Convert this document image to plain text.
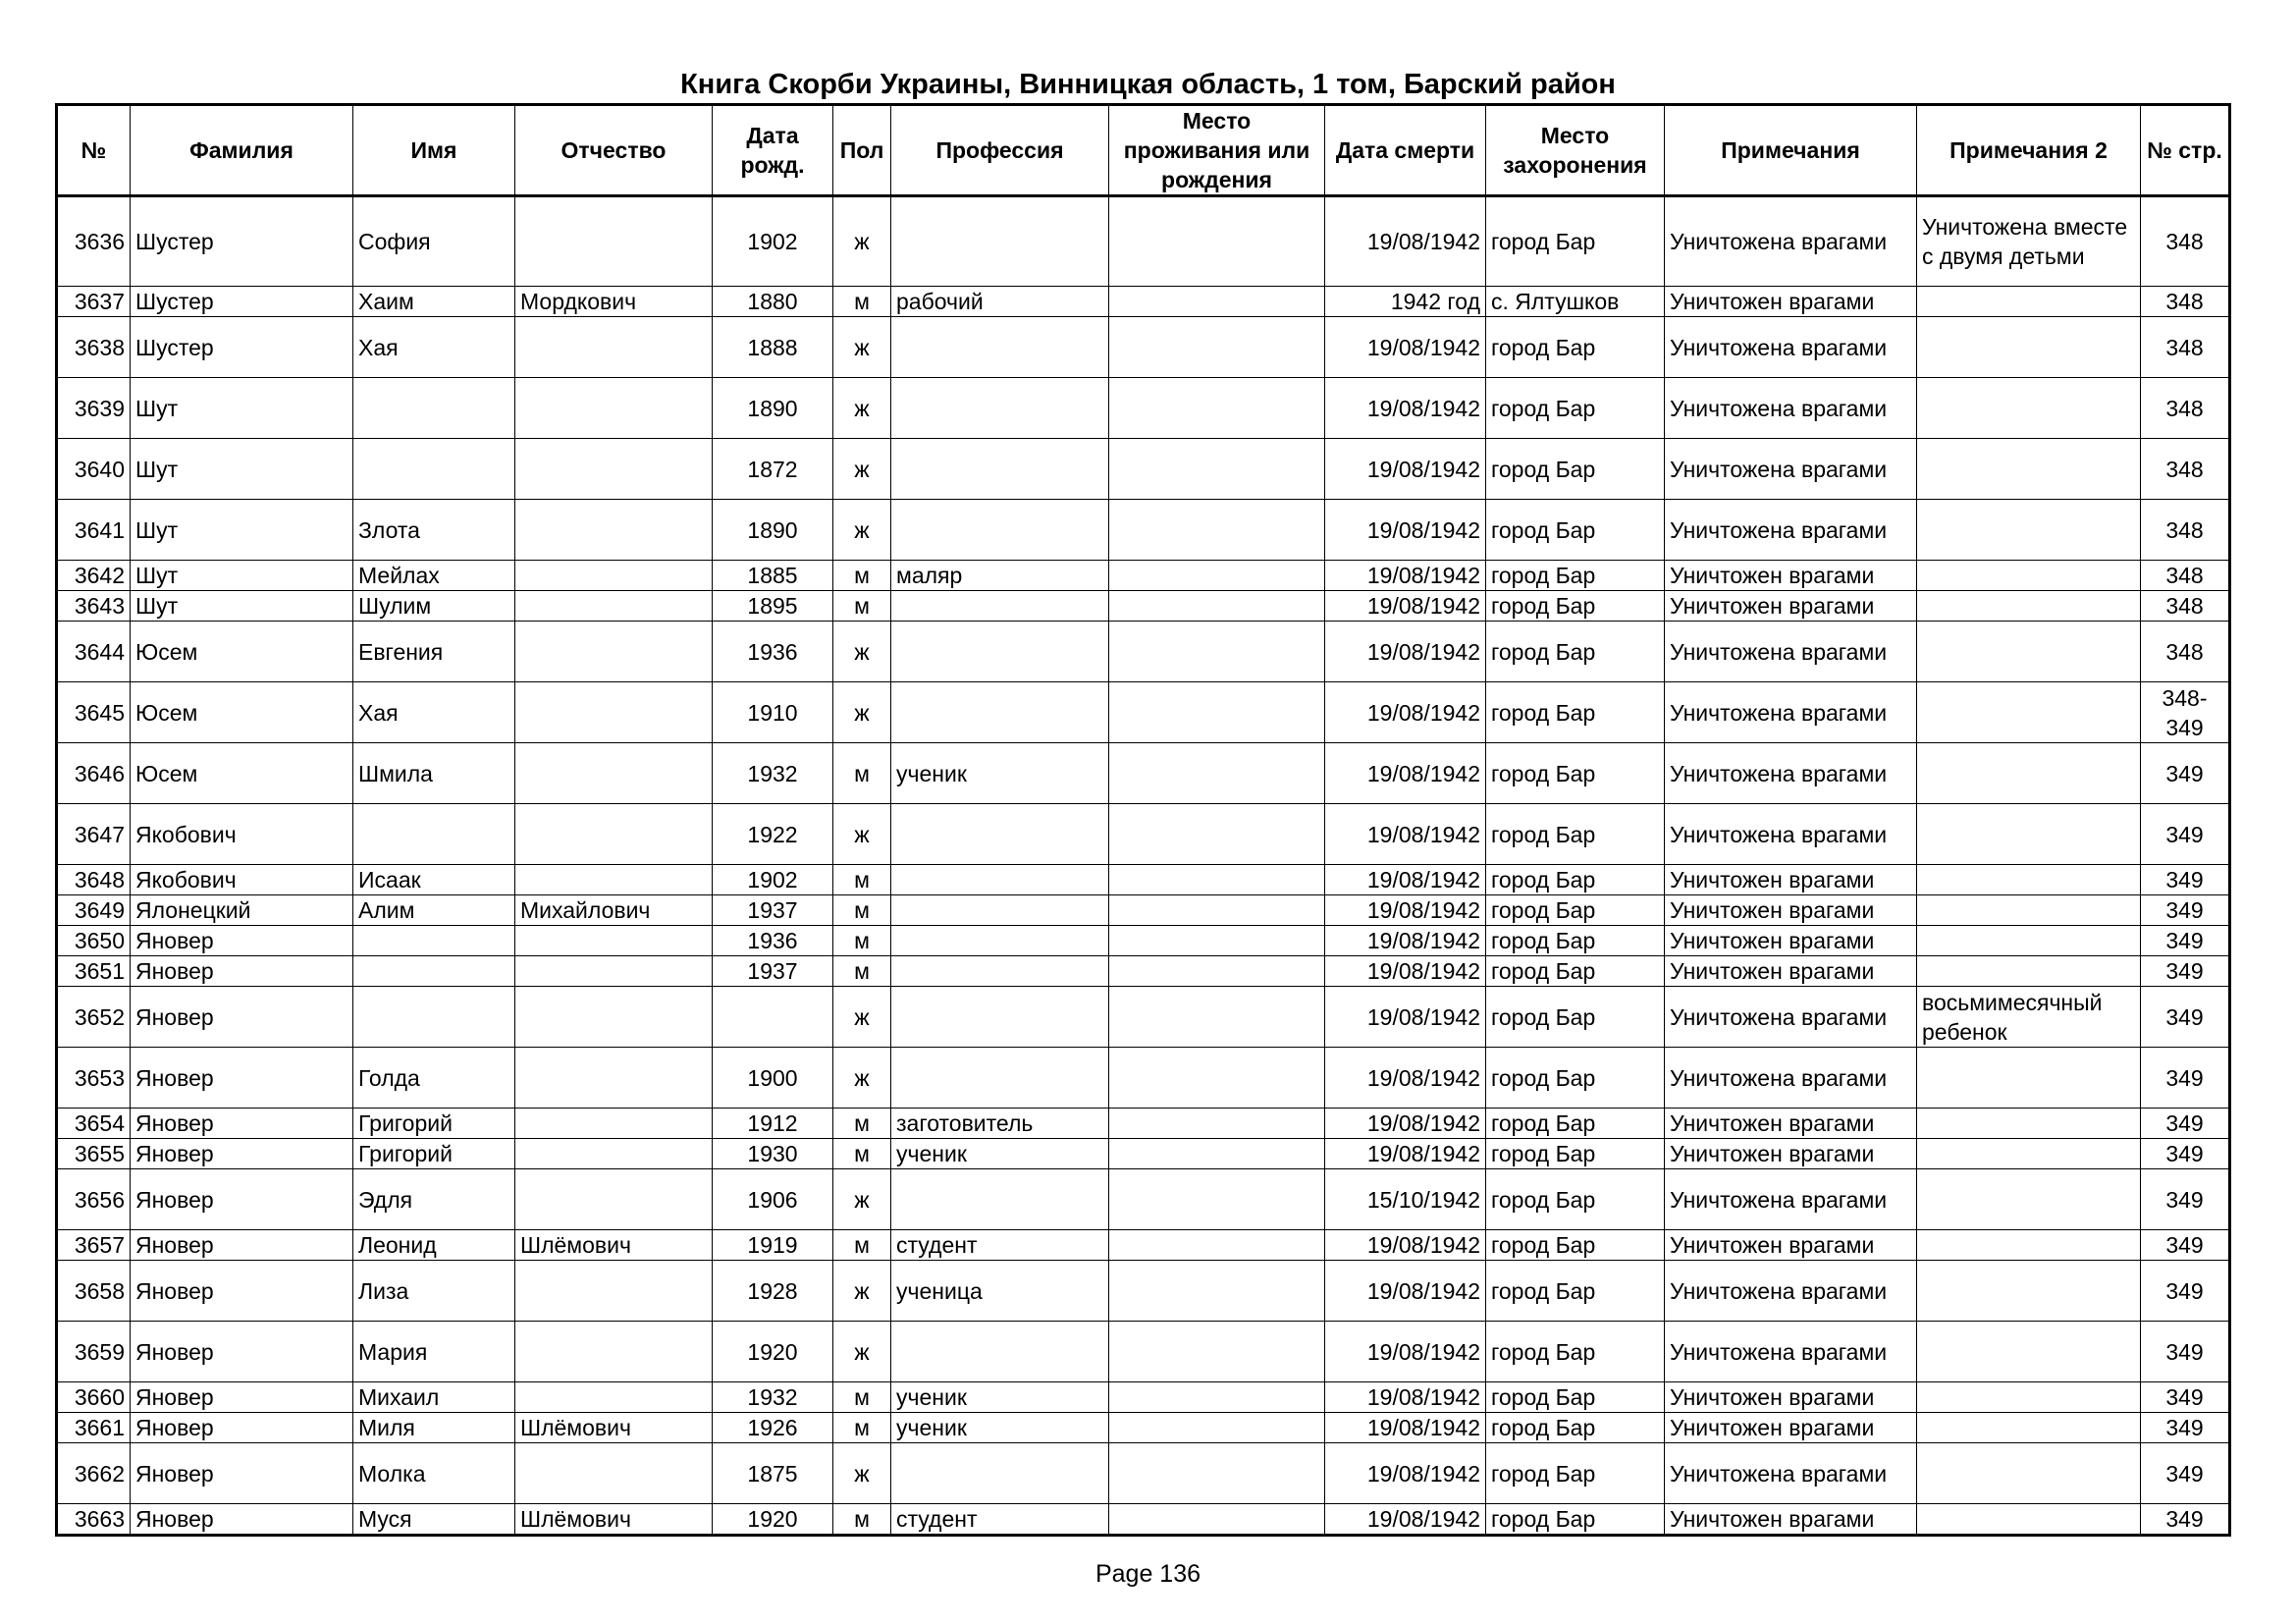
Книга Скорби Украины, Винницкая область, 1 том, Барский район
№	Фамилия	Имя	Отчество	Дата рожд.	Пол	Профессия	Место проживания или рождения	Дата смерти	Место захоронения	Примечания	Примечания 2	№ стр.
3636	Шустер	София		1902	ж			19/08/1942	город Бар	Уничтожена врагами	Уничтожена вместе с двумя детьми	348
3637	Шустер	Хаим	Мордкович	1880	м	рабочий		1942 год	с. Ялтушков	Уничтожен врагами		348
3638	Шустер	Хая		1888	ж			19/08/1942	город Бар	Уничтожена врагами		348
3639	Шут			1890	ж			19/08/1942	город Бар	Уничтожена врагами		348
3640	Шут			1872	ж			19/08/1942	город Бар	Уничтожена врагами		348
3641	Шут	Злота		1890	ж			19/08/1942	город Бар	Уничтожена врагами		348
3642	Шут	Мейлах		1885	м	маляр		19/08/1942	город Бар	Уничтожен врагами		348
3643	Шут	Шулим		1895	м			19/08/1942	город Бар	Уничтожен врагами		348
3644	Юсем	Евгения		1936	ж			19/08/1942	город Бар	Уничтожена врагами		348
3645	Юсем	Хая		1910	ж			19/08/1942	город Бар	Уничтожена врагами		348-349
3646	Юсем	Шмила		1932	м	ученик		19/08/1942	город Бар	Уничтожена врагами		349
3647	Якобович			1922	ж			19/08/1942	город Бар	Уничтожена врагами		349
3648	Якобович	Исаак		1902	м			19/08/1942	город Бар	Уничтожен врагами		349
3649	Ялонецкий	Алим	Михайлович	1937	м			19/08/1942	город Бар	Уничтожен врагами		349
3650	Яновер			1936	м			19/08/1942	город Бар	Уничтожен врагами		349
3651	Яновер			1937	м			19/08/1942	город Бар	Уничтожен врагами		349
3652	Яновер				ж			19/08/1942	город Бар	Уничтожена врагами	восьмимесячный ребенок	349
3653	Яновер	Голда		1900	ж			19/08/1942	город Бар	Уничтожена врагами		349
3654	Яновер	Григорий		1912	м	заготовитель		19/08/1942	город Бар	Уничтожен врагами		349
3655	Яновер	Григорий		1930	м	ученик		19/08/1942	город Бар	Уничтожен врагами		349
3656	Яновер	Эдля		1906	ж			15/10/1942	город Бар	Уничтожена врагами		349
3657	Яновер	Леонид	Шлёмович	1919	м	студент		19/08/1942	город Бар	Уничтожен врагами		349
3658	Яновер	Лиза		1928	ж	ученица		19/08/1942	город Бар	Уничтожена врагами		349
3659	Яновер	Мария		1920	ж			19/08/1942	город Бар	Уничтожена врагами		349
3660	Яновер	Михаил		1932	м	ученик		19/08/1942	город Бар	Уничтожен врагами		349
3661	Яновер	Миля	Шлёмович	1926	м	ученик		19/08/1942	город Бар	Уничтожен врагами		349
3662	Яновер	Молка		1875	ж			19/08/1942	город Бар	Уничтожена врагами		349
3663	Яновер	Муся	Шлёмович	1920	м	студент		19/08/1942	город Бар	Уничтожен врагами		349
Page 136
